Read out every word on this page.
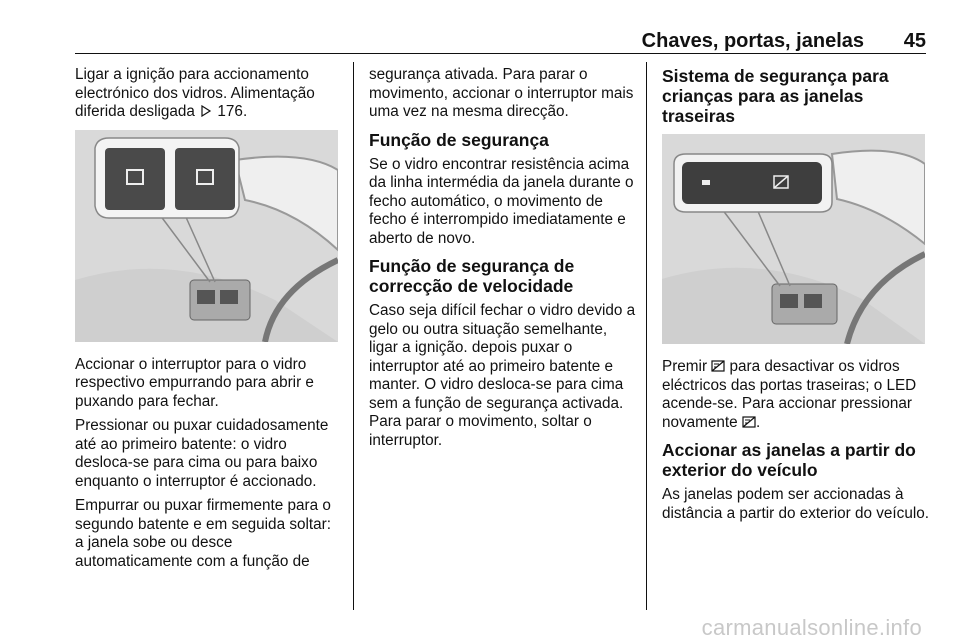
Chaves, portas, janelas 45

Ligar a ignição para accionamento electrónico dos vidros. Alimentação diferida desligada 176.

Accionar o interruptor para o vidro respectivo empurrando para abrir e puxando para fechar.

Pressionar ou puxar cuidadosamente até ao primeiro batente: o vidro desloca-se para cima ou para baixo enquanto o interruptor é accionado.

Empurrar ou puxar firmemente para o segundo batente e em seguida soltar: a janela sobe ou desce automaticamente com a função de

segurança ativada. Para parar o movimento, accionar o interruptor mais uma vez na mesma direcção.

Função de segurança

Se o vidro encontrar resistência acima da linha intermédia da janela durante o fecho automático, o movimento de fecho é interrompido imediatamente e aberto de novo.

Função de segurança de correcção de velocidade

Caso seja difícil fechar o vidro devido a gelo ou outra situação semelhante, ligar a ignição. depois puxar o interruptor até ao primeiro batente e manter. O vidro desloca-se para cima sem a função de segurança activada. Para parar o movimento, soltar o interruptor.

Sistema de segurança para crianças para as janelas traseiras

Premir para desactivar os vidros eléctricos das portas traseiras; o LED acende-se. Para accionar pressionar novamente .

Accionar as janelas a partir do exterior do veículo

As janelas podem ser accionadas à distância a partir do exterior do veículo.

carmanualsonline.info
